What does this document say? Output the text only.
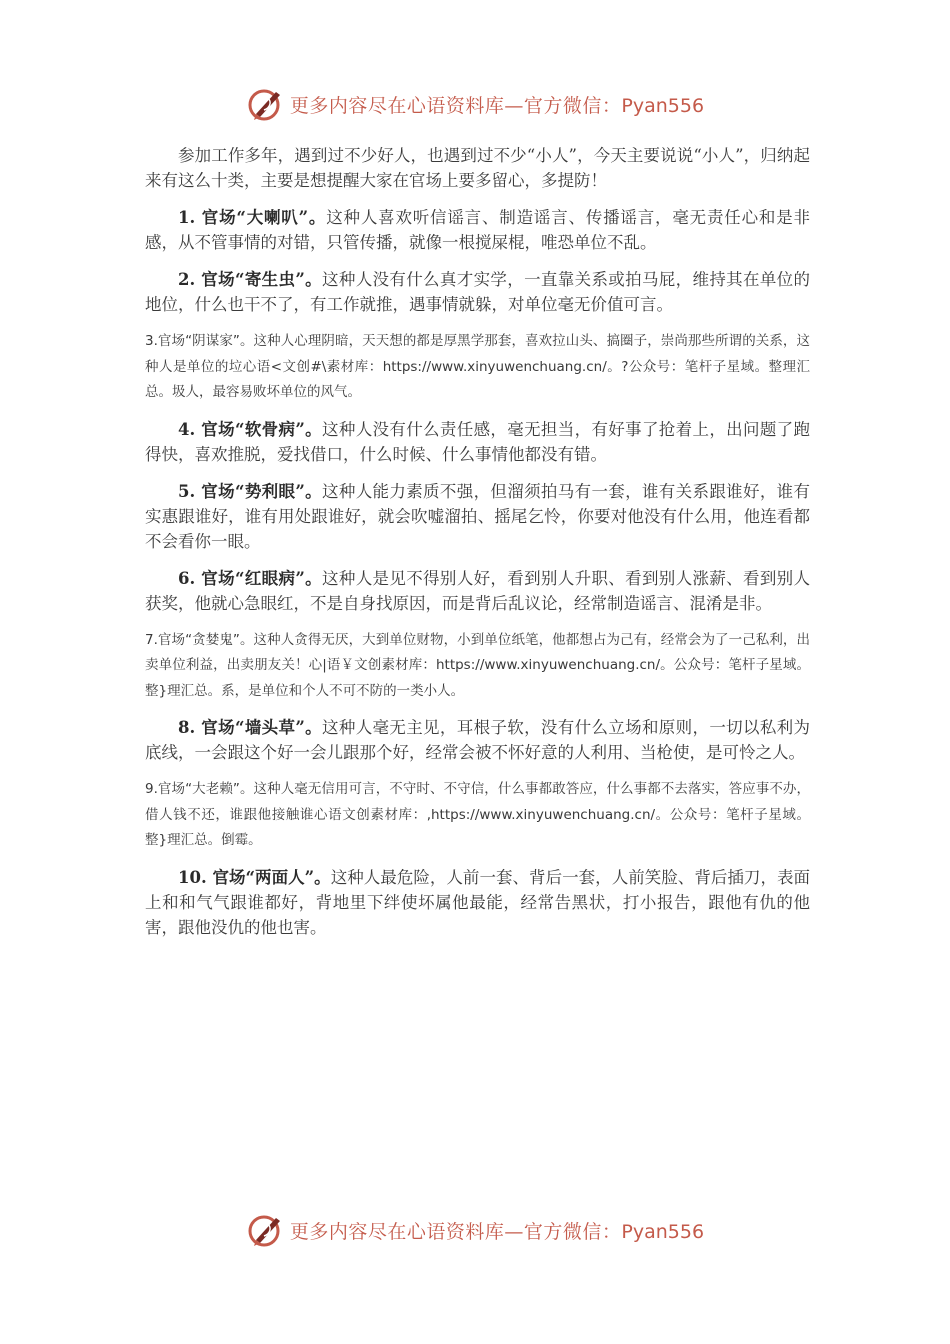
更多内容尽在心语资料库—官方微信：Pyan556

参加工作多年，遇到过不少好人，也遇到过不少“小人”，今天主要说说“小人”，归纳起来有这么十类，主要是想提醒大家在官场上要多留心，多提防！

1. 官场“大喇叭”。这种人喜欢听信谣言、制造谣言、传播谣言，毫无责任心和是非感，从不管事情的对错，只管传播，就像一根搅屎棍，唯恐单位不乱。

2. 官场“寄生虫”。这种人没有什么真才实学，一直靠关系或拍马屁，维持其在单位的地位，什么也干不了，有工作就推，遇事情就躲，对单位毫无价值可言。

3.官场“阴谋家”。这种人心理阴暗，天天想的都是厚黑学那套，喜欢拉山头、搞圈子，崇尚那些所谓的关系，这种人是单位的垃心语<文创#\素材库：https://www.xinyuwenchuang.cn/。?公众号：笔杆子星域。整理汇总。圾人，最容易败坏单位的风气。

4. 官场“软骨病”。这种人没有什么责任感，毫无担当，有好事了抢着上，出问题了跑得快，喜欢推脱，爱找借口，什么时候、什么事情他都没有错。

5. 官场“势利眼”。这种人能力素质不强，但溜须拍马有一套，谁有关系跟谁好，谁有实惠跟谁好，谁有用处跟谁好，就会吹嘘溜拍、摇尾乞怜，你要对他没有什么用，他连看都不会看你一眼。

6. 官场“红眼病”。这种人是见不得别人好，看到别人升职、看到别人涨薪、看到别人获奖，他就心急眼红，不是自身找原因，而是背后乱议论，经常制造谣言、混淆是非。

7.官场“贪婪鬼”。这种人贪得无厌，大到单位财物，小到单位纸笔，他都想占为己有，经常会为了一己私利，出卖单位利益，出卖朋友关！心|语￥文创素材库：https://www.xinyuwenchuang.cn/。公众号：笔杆子星域。整}理汇总。系，是单位和个人不可不防的一类小人。

8. 官场“墙头草”。这种人毫无主见，耳根子软，没有什么立场和原则，一切以私利为底线，一会跟这个好一会儿跟那个好，经常会被不怀好意的人利用、当枪使，是可怜之人。

9.官场“大老赖”。这种人毫无信用可言，不守时、不守信，什么事都敢答应，什么事都不去落实，答应事不办，借人钱不还，谁跟他接触谁心语文创素材库：,https://www.xinyuwenchuang.cn/。公众号：笔杆子星域。整}理汇总。倒霉。

10. 官场“两面人”。这种人最危险，人前一套、背后一套，人前笑脸、背后插刀，表面上和和气气跟谁都好，背地里下绊使坏属他最能，经常告黑状，打小报告，跟他有仇的他害，跟他没仇的他也害。

更多内容尽在心语资料库—官方微信：Pyan556
